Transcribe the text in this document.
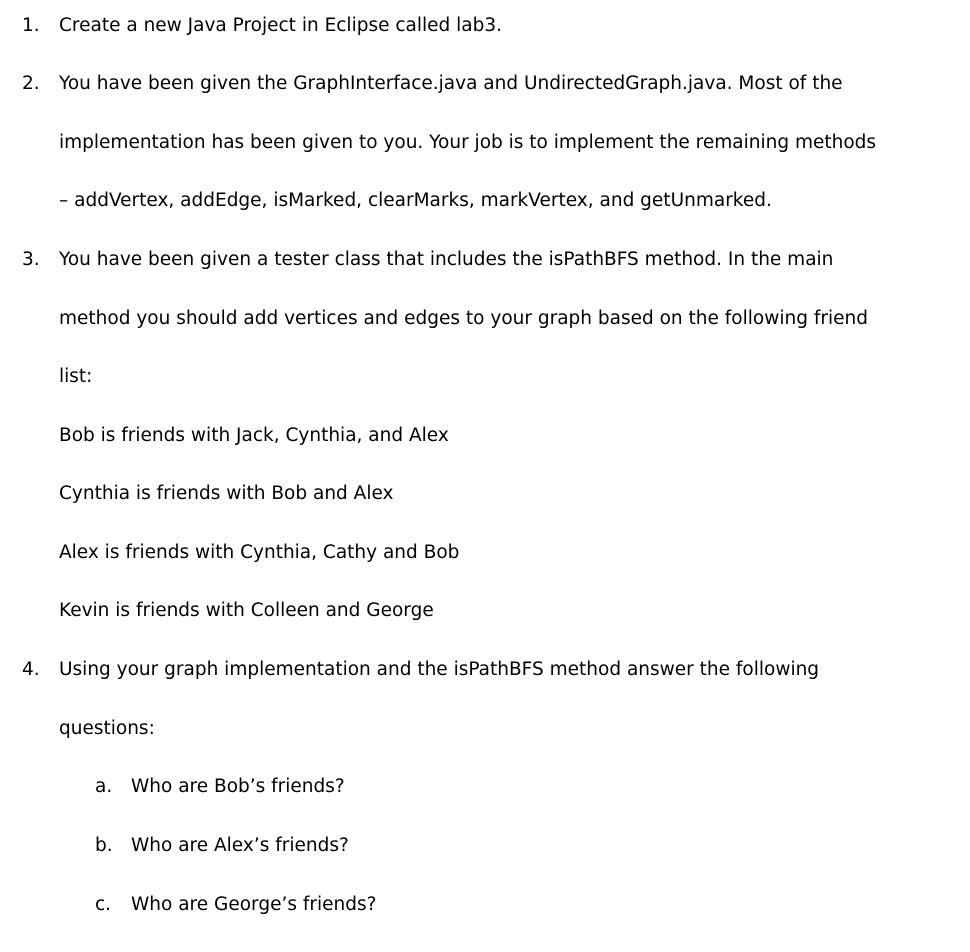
1. Create a new Java Project in Eclipse called lab3.
2. You have been given the GraphInterface.java and UndirectedGraph.java. Most of the
implementation has been given to you. Your job is to implement the remaining methods
– addVertex, addEdge, isMarked, clearMarks, markVertex, and getUnmarked.
3. You have been given a tester class that includes the isPathBFS method. In the main
method you should add vertices and edges to your graph based on the following friend
list:
Bob is friends with Jack, Cynthia, and Alex
Cynthia is friends with Bob and Alex
Alex is friends with Cynthia, Cathy and Bob
Kevin is friends with Colleen and George
4. Using your graph implementation and the isPathBFS method answer the following
questions:
a. Who are Bob’s friends?
b. Who are Alex’s friends?
c. Who are George’s friends?
